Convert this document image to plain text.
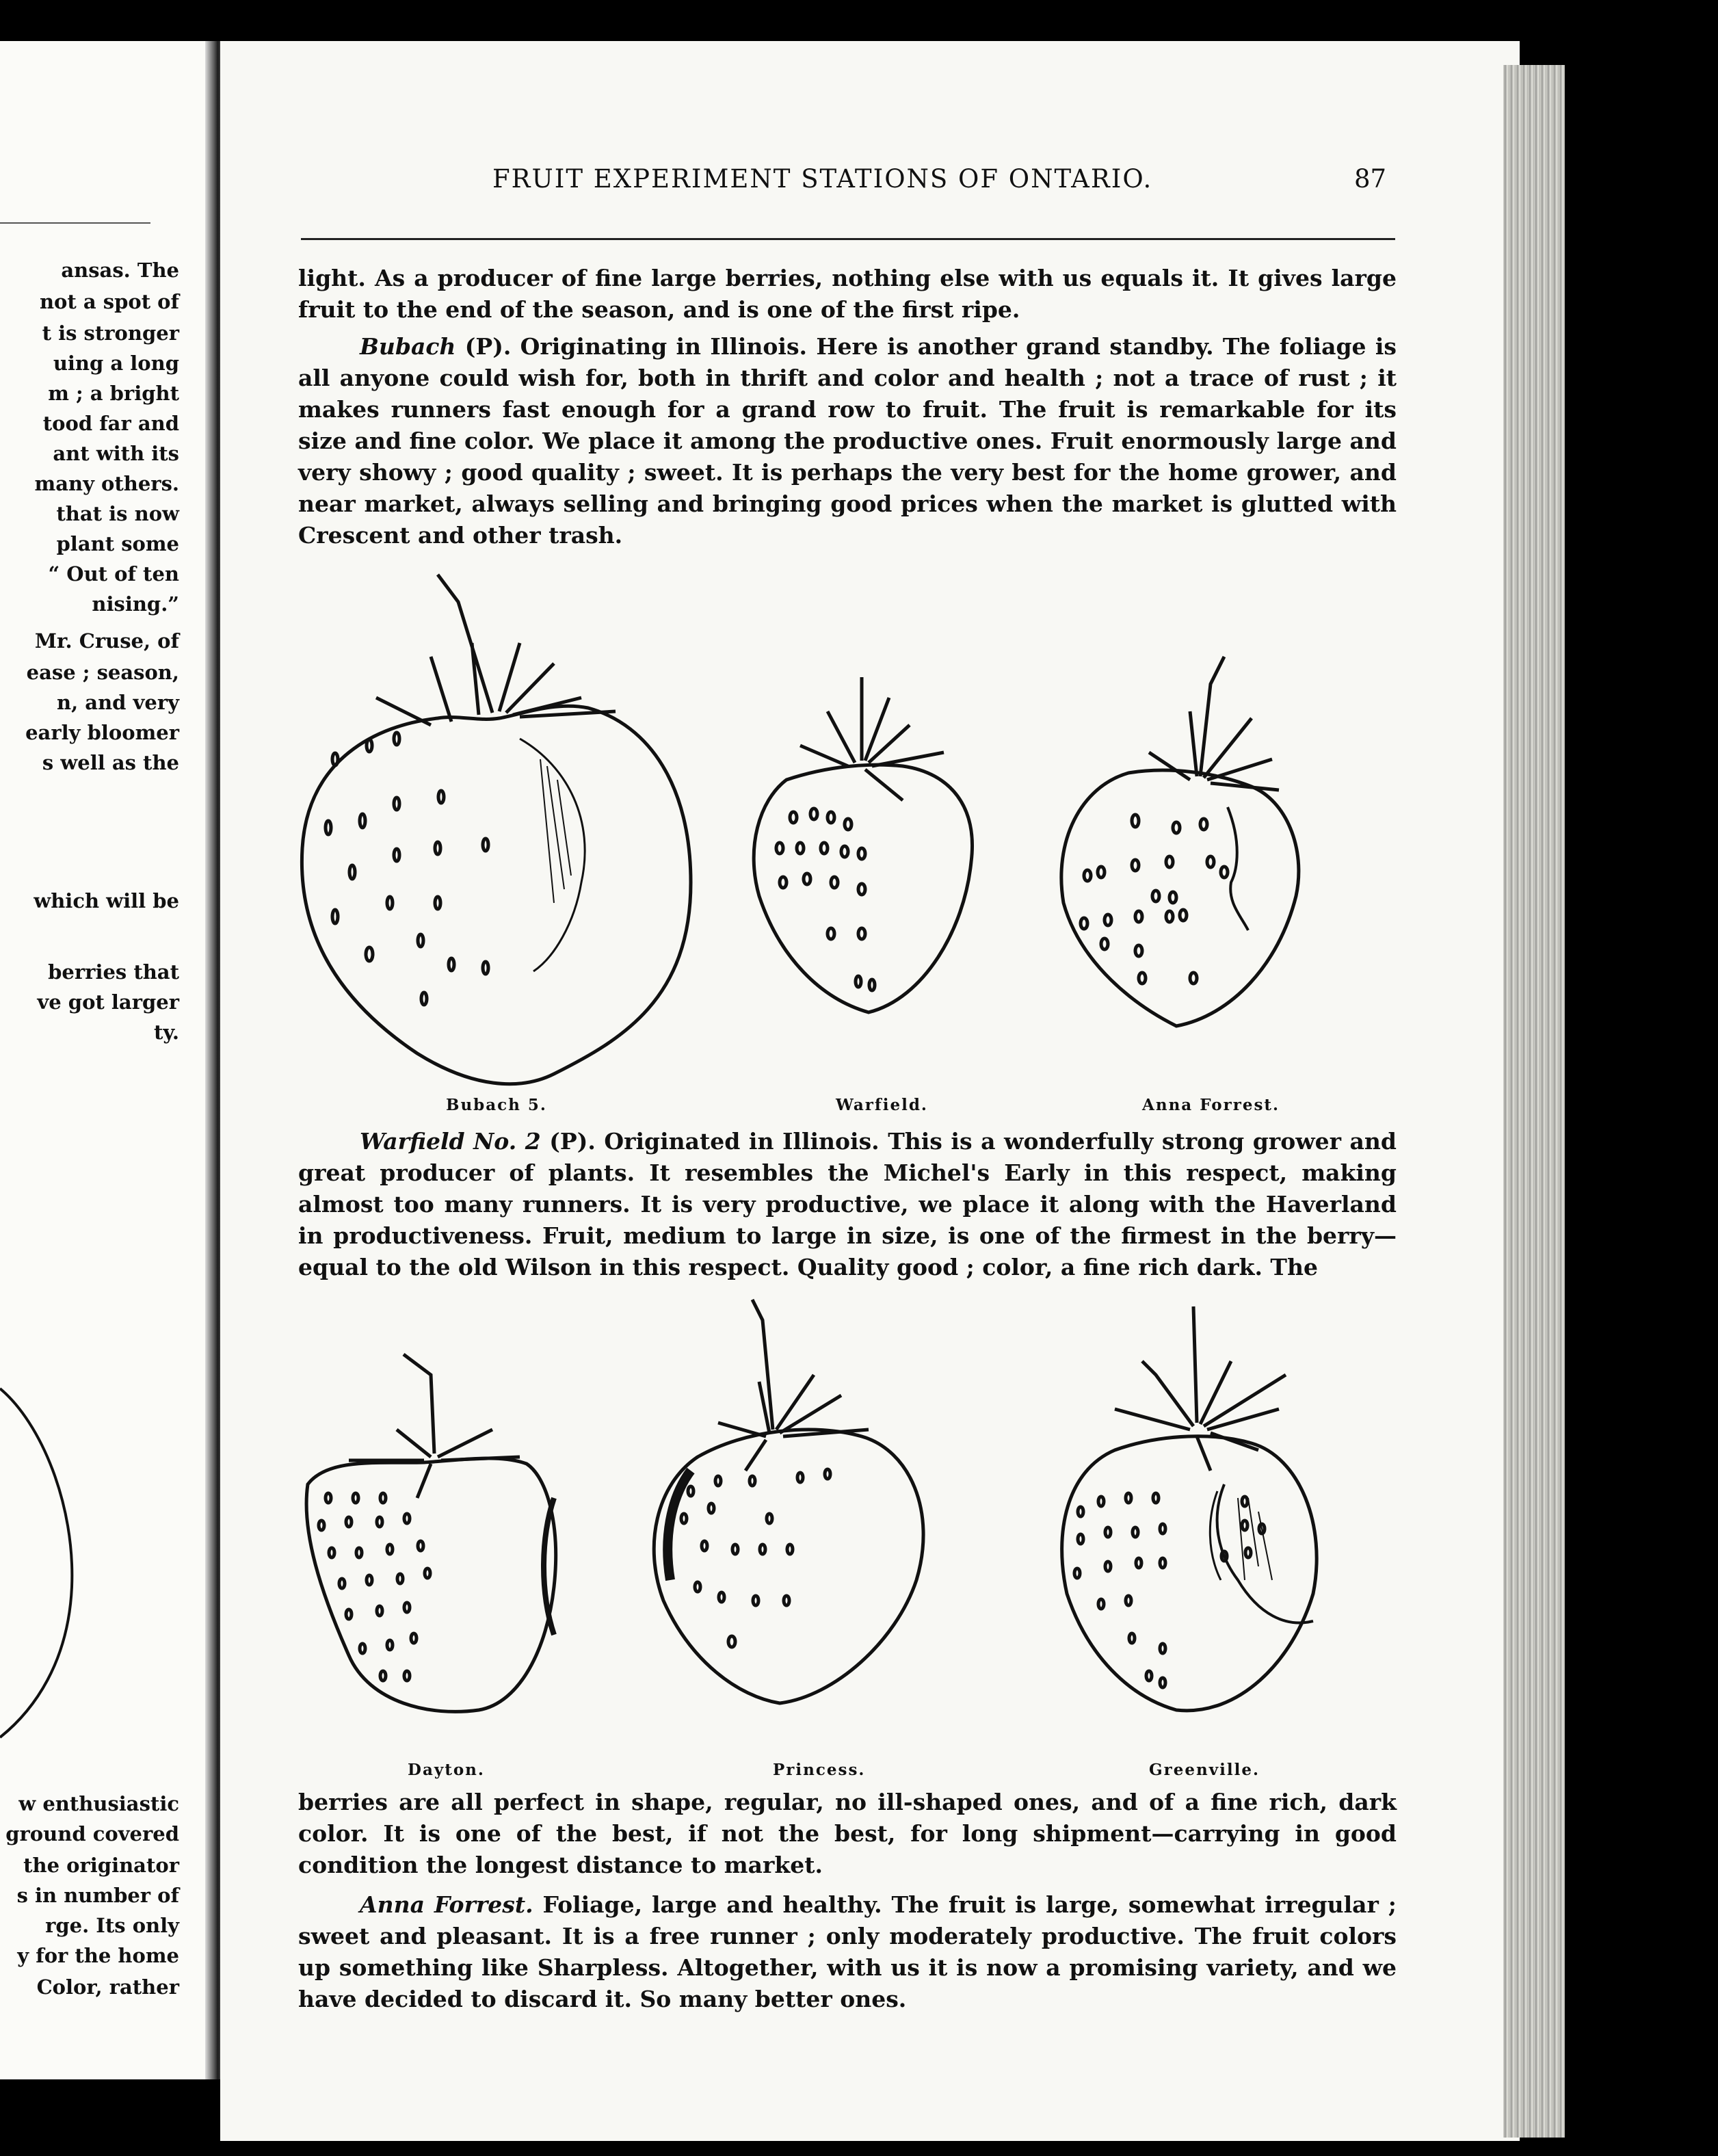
ansas. The
not a spot of
t is stronger
uing a long
m ; a bright
tood far and
ant with its
many others.
that is now
plant some
“ Out of ten
nising.”
Mr. Cruse, of
ease ; season,
n, and very
early bloomer
s well as the
which will be
berries that
ve got larger
ty.
w enthusiastic
ground covered
the originator
s in number of
rge. Its only
y for the home
Color, rather
FRUIT EXPERIMENT STATIONS OF ONTARIO.	87

light. As a producer of fine large berries, nothing else with us equals it. It gives large fruit to the end of the season, and is one of the first ripe.

Bubach (P). Originating in Illinois. Here is another grand standby. The foliage is all anyone could wish for, both in thrift and color and health ; not a trace of rust ; it makes runners fast enough for a grand row to fruit. The fruit is remarkable for its size and fine color. We place it among the productive ones. Fruit enormously large and very showy ; good quality ; sweet. It is perhaps the very best for the home grower, and near market, always selling and bringing good prices when the market is glutted with Crescent and other trash.

Bubach 5.	Warfield.	Anna Forrest.

Warfield No. 2 (P). Originated in Illinois. This is a wonderfully strong grower and great producer of plants. It resembles the Michel's Early in this respect, making almost too many runners. It is very productive, we place it along with the Haverland in productiveness. Fruit, medium to large in size, is one of the firmest in the berry—equal to the old Wilson in this respect. Quality good ; color, a fine rich dark. The

Dayton.	Princess.	Greenville.

berries are all perfect in shape, regular, no ill-shaped ones, and of a fine rich, dark color. It is one of the best, if not the best, for long shipment—carrying in good condition the longest distance to market.

Anna Forrest. Foliage, large and healthy. The fruit is large, somewhat irregular ; sweet and pleasant. It is a free runner ; only moderately productive. The fruit colors up something like Sharpless. Altogether, with us it is now a promising variety, and we have decided to discard it. So many better ones.
